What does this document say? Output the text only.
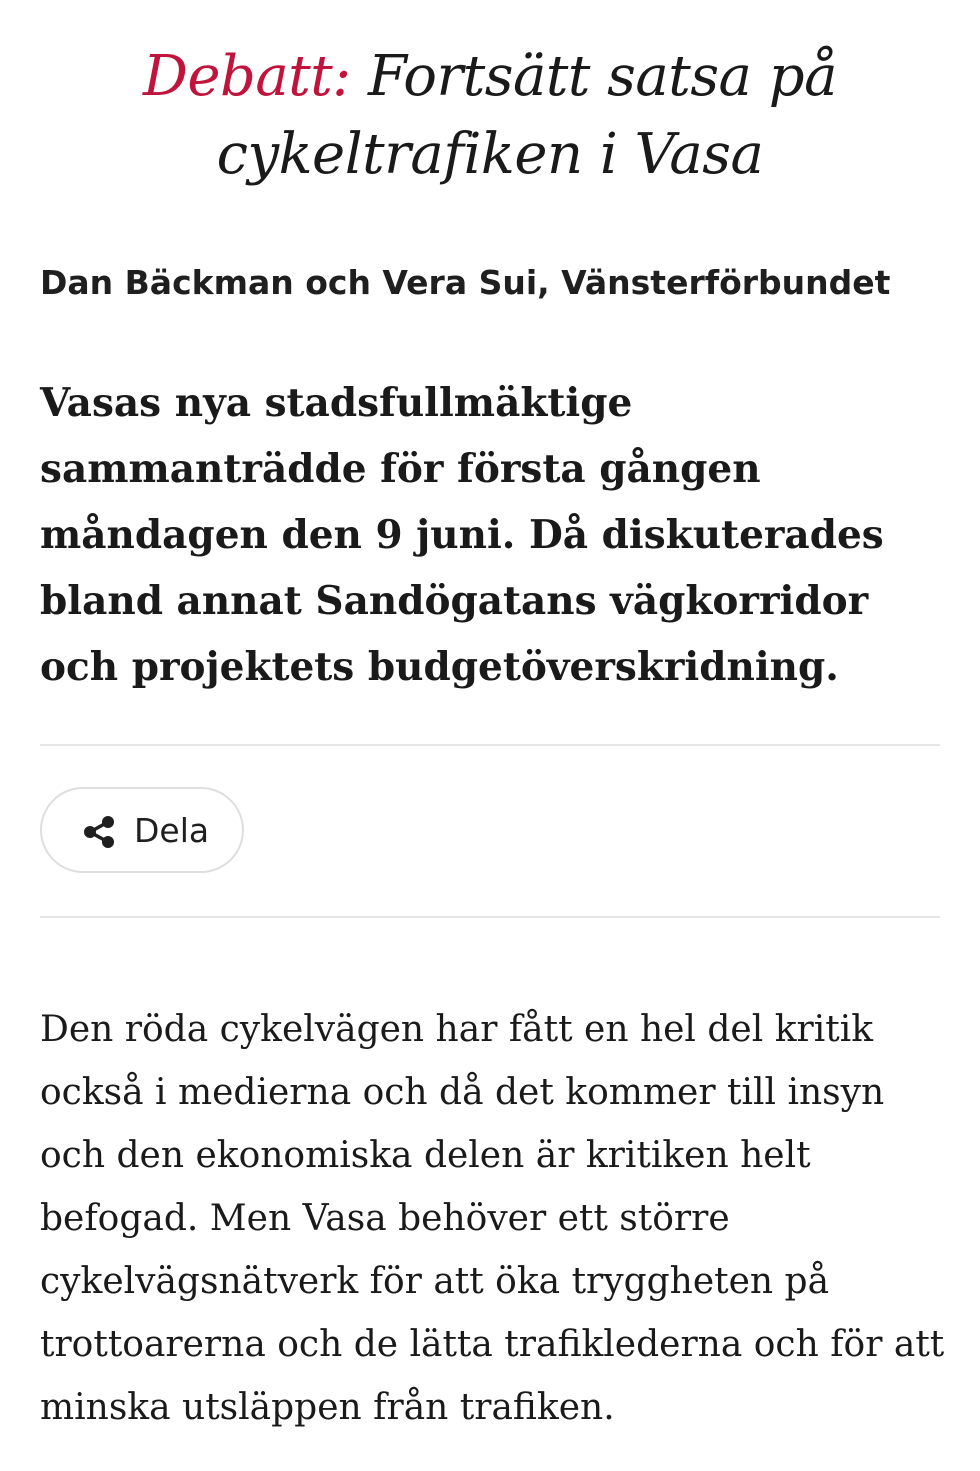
Debatt: Fortsätt satsa på cykeltrafiken i Vasa
Dan Bäckman och Vera Sui, Vänsterförbundet

Vasas nya stadsfullmäktige sammanträdde för första gången måndagen den 9 juni. Då diskuterades bland annat Sandögatans vägkorridor och projektets budgetöverskridning.

Dela

Den röda cykelvägen har fått en hel del kritik också i medierna och då det kommer till insyn och den ekonomiska delen är kritiken helt befogad. Men Vasa behöver ett större cykelvägsnätverk för att öka tryggheten på trottoarerna och de lätta trafiklederna och för att minska utsläppen från trafiken.
